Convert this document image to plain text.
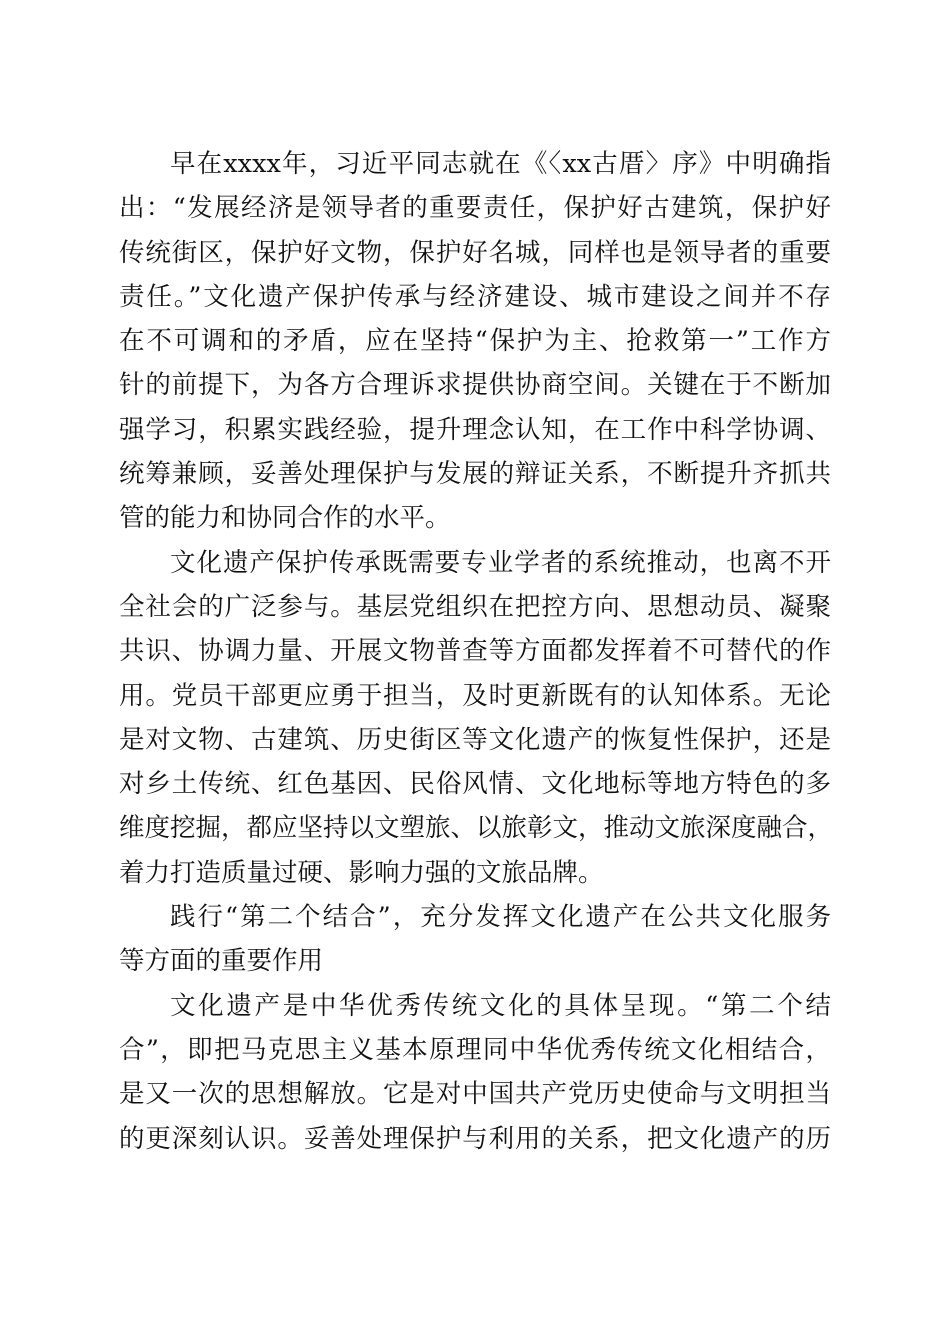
早在xxxx年，习近平同志就在《〈xx古厝〉序》中明确指
出：“发展经济是领导者的重要责任，保护好古建筑，保护好
传统街区，保护好文物，保护好名城，同样也是领导者的重要
责任。”文化遗产保护传承与经济建设、城市建设之间并不存
在不可调和的矛盾，应在坚持“保护为主、抢救第一”工作方
针的前提下，为各方合理诉求提供协商空间。关键在于不断加
强学习，积累实践经验，提升理念认知，在工作中科学协调、
统筹兼顾，妥善处理保护与发展的辩证关系，不断提升齐抓共
管的能力和协同合作的水平。
文化遗产保护传承既需要专业学者的系统推动，也离不开
全社会的广泛参与。基层党组织在把控方向、思想动员、凝聚
共识、协调力量、开展文物普查等方面都发挥着不可替代的作
用。党员干部更应勇于担当，及时更新既有的认知体系。无论
是对文物、古建筑、历史街区等文化遗产的恢复性保护，还是
对乡土传统、红色基因、民俗风情、文化地标等地方特色的多
维度挖掘，都应坚持以文塑旅、以旅彰文，推动文旅深度融合，
着力打造质量过硬、影响力强的文旅品牌。
践行“第二个结合”，充分发挥文化遗产在公共文化服务
等方面的重要作用
文化遗产是中华优秀传统文化的具体呈现。“第二个结
合”，即把马克思主义基本原理同中华优秀传统文化相结合，
是又一次的思想解放。它是对中国共产党历史使命与文明担当
的更深刻认识。妥善处理保护与利用的关系，把文化遗产的历
